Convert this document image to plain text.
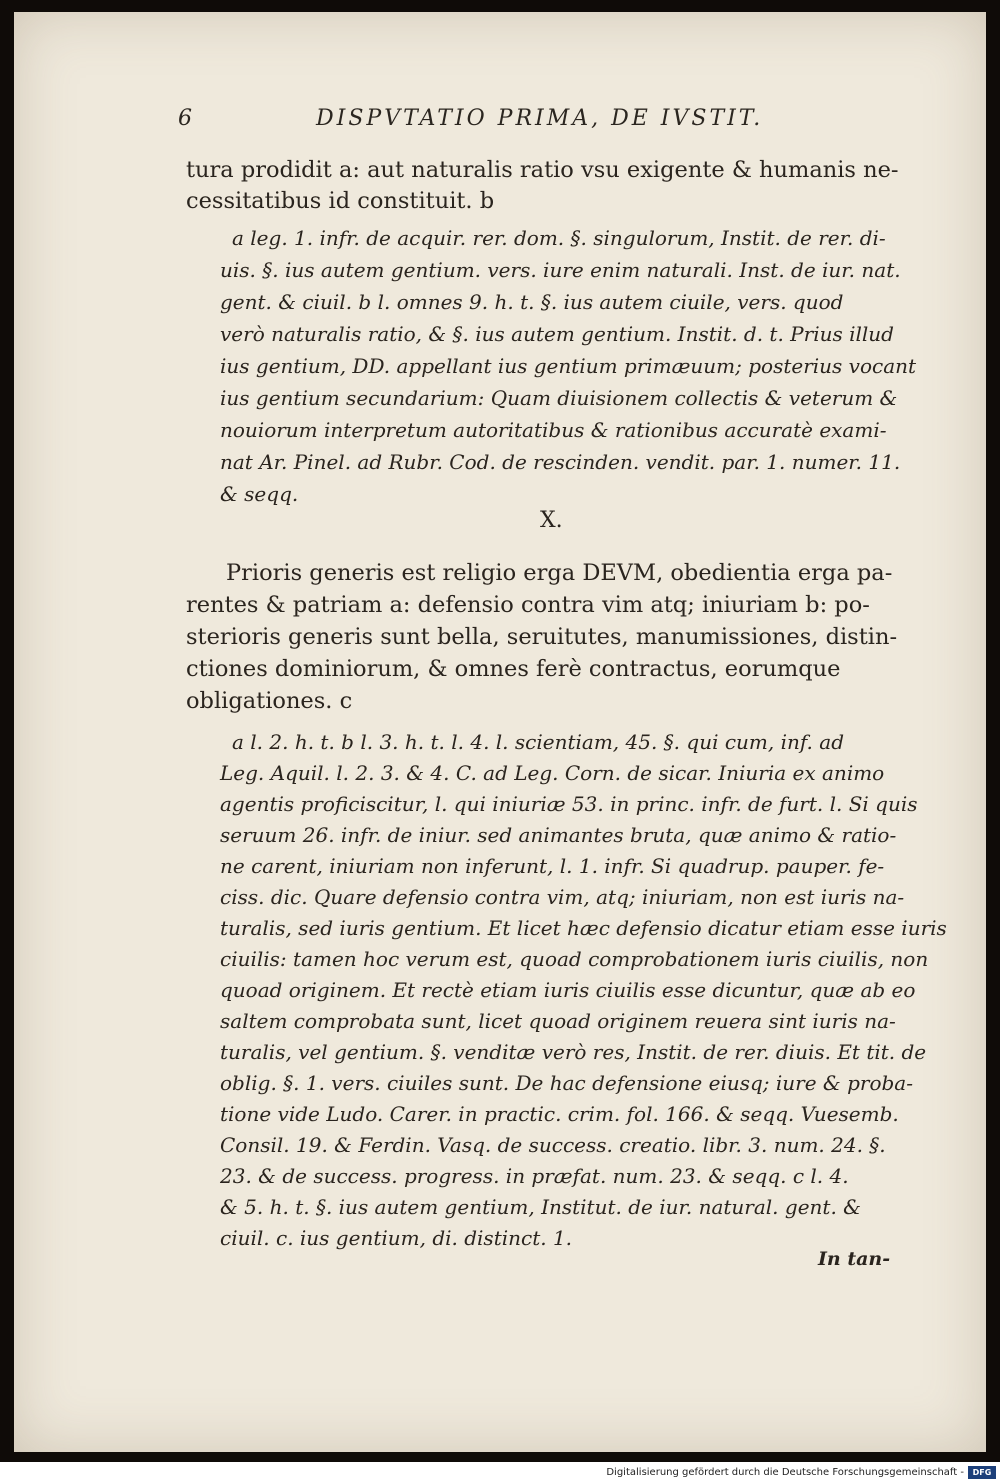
6	DISPVTATIO PRIMA, DE IVSTIT.
tura prodidit a: aut naturalis ratio vsu exigente & humanis ne-
cessitatibus id constituit. b
a leg. 1. infr. de acquir. rer. dom. §. singulorum, Instit. de rer. di-
uis. §. ius autem gentium. vers. iure enim naturali. Inst. de iur. nat.
gent. & ciuil. b l. omnes 9. h. t. §. ius autem ciuile, vers. quod
verò naturalis ratio, & §. ius autem gentium. Instit. d. t. Prius illud
ius gentium, DD. appellant ius gentium primæuum; posterius vocant
ius gentium secundarium: Quam diuisionem collectis & veterum &
nouiorum interpretum autoritatibus & rationibus accuratè exami-
nat Ar. Pinel. ad Rubr. Cod. de rescinden. vendit. par. 1. numer. 11.
& seqq.
X.
Prioris generis est religio erga DEVM, obedientia erga pa-
rentes & patriam a: defensio contra vim atq; iniuriam b: po-
sterioris generis sunt bella, seruitutes, manumissiones, distin-
ctiones dominiorum, & omnes ferè contractus, eorumque
obligationes. c
a l. 2. h. t. b l. 3. h. t. l. 4. l. scientiam, 45. §. qui cum, inf. ad
Leg. Aquil. l. 2. 3. & 4. C. ad Leg. Corn. de sicar. Iniuria ex animo
agentis proficiscitur, l. qui iniuriæ 53. in princ. infr. de furt. l. Si quis
seruum 26. infr. de iniur. sed animantes bruta, quæ animo & ratio-
ne carent, iniuriam non inferunt, l. 1. infr. Si quadrup. pauper. fe-
ciss. dic. Quare defensio contra vim, atq; iniuriam, non est iuris na-
turalis, sed iuris gentium. Et licet hæc defensio dicatur etiam esse iuris
ciuilis: tamen hoc verum est, quoad comprobationem iuris ciuilis, non
quoad originem. Et rectè etiam iuris ciuilis esse dicuntur, quæ ab eo
saltem comprobata sunt, licet quoad originem reuera sint iuris na-
turalis, vel gentium. §. venditæ verò res, Instit. de rer. diuis. Et tit. de
oblig. §. 1. vers. ciuiles sunt. De hac defensione eiusq; iure & proba-
tione vide Ludo. Carer. in practic. crim. fol. 166. & seqq. Vuesemb.
Consil. 19. & Ferdin. Vasq. de success. creatio. libr. 3. num. 24. §.
23. & de success. progress. in præfat. num. 23. & seqq. c l. 4.
& 5. h. t. §. ius autem gentium, Institut. de iur. natural. gent. &
ciuil. c. ius gentium, di. distinct. 1.
In tan-
Digitalisierung gefördert durch die Deutsche Forschungsgemeinschaft -	DFG
